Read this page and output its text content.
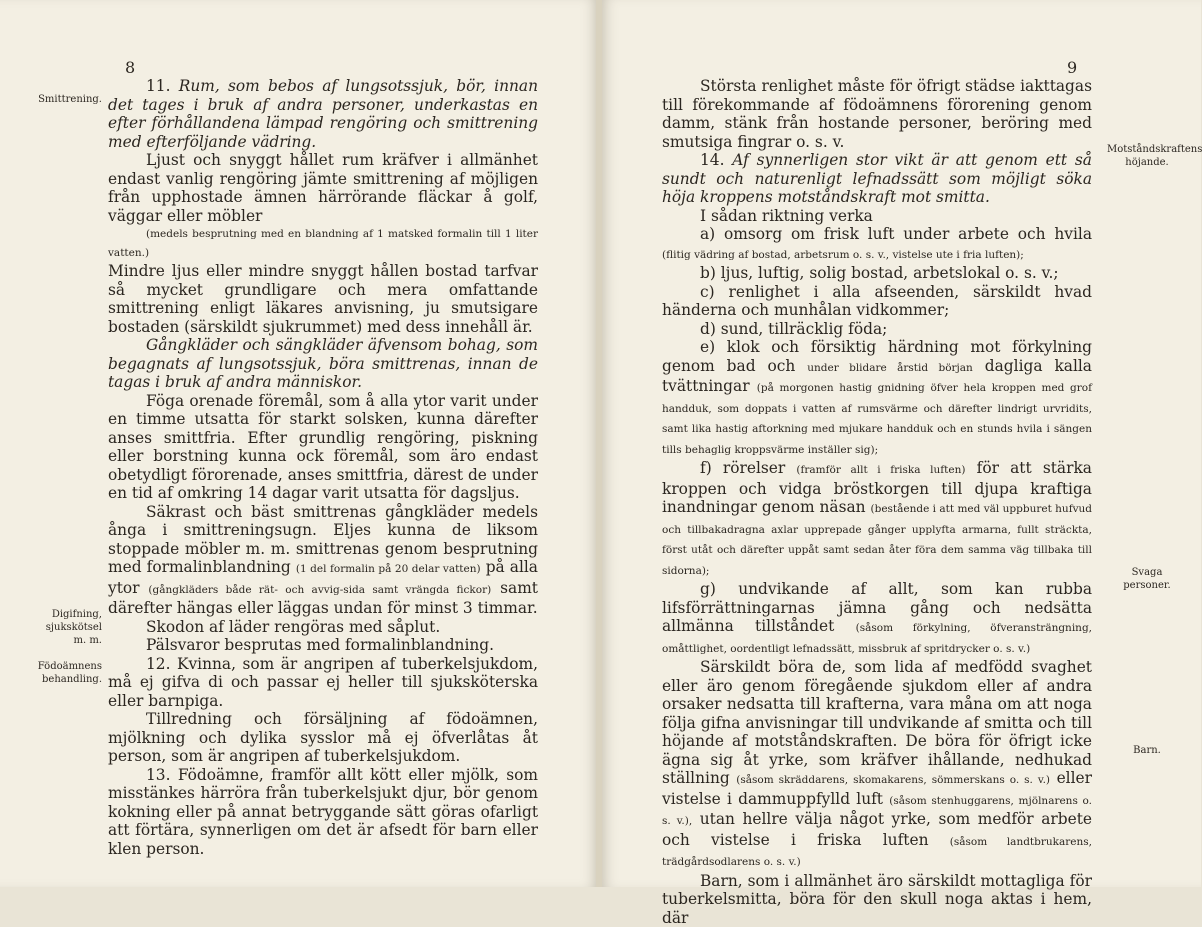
8
Smittrening.
Digifning, sjukskötsel m. m.
Födoämnens behandling.

11. Rum, som bebos af lungsotssjuk, bör, innan det tages i bruk af andra personer, underkastas en efter förhållandena lämpad rengöring och smittrening med efterföljande vädring.

Ljust och snyggt hållet rum kräfver i allmänhet endast vanlig rengöring jämte smittrening af möjligen från upphostade ämnen härrörande fläckar å golf, väggar eller möbler
(medels besprutning med en blandning af 1 matsked formalin till 1 liter vatten.)
Mindre ljus eller mindre snyggt hållen bostad tarfvar så mycket grundligare och mera omfattande smittrening enligt läkares anvisning, ju smutsigare bostaden (särskildt sjukrummet) med dess innehåll är.

Gångkläder och sängkläder äfvensom bohag, som begagnats af lungsotssjuk, böra smittrenas, innan de tagas i bruk af andra människor.

Föga orenade föremål, som å alla ytor varit under en timme utsatta för starkt solsken, kunna därefter anses smittfria. Efter grundlig rengöring, piskning eller borstning kunna ock föremål, som äro endast obetydligt förorenade, anses smittfria, därest de under en tid af omkring 14 dagar varit utsatta för dagsljus.

Säkrast och bäst smittrenas gångkläder medels ånga i smittreningsugn. Eljes kunna de liksom stoppade möbler m. m. smittrenas genom besprutning med formalinblandning (1 del formalin på 20 delar vatten) på alla ytor (gångkläders både rät- och avvig-sida samt vrängda fickor) samt därefter hängas eller läggas undan för minst 3 timmar.

Skodon af läder rengöras med såplut.

Pälsvaror besprutas med formalinblandning.

12. Kvinna, som är angripen af tuberkelsjukdom, må ej gifva di och passar ej heller till sjuksköterska eller barnpiga.

Tillredning och försäljning af födoämnen, mjölkning och dylika sysslor må ej öfverlåtas åt person, som är angripen af tuberkelsjukdom.

13. Födoämne, framför allt kött eller mjölk, som misstänkes härröra från tuberkelsjukt djur, bör genom kokning eller på annat betryggande sätt göras ofarligt att förtära, synnerligen om det är afsedt för barn eller klen person.

9
Motståndskraftens höjande.
Svaga personer.
Barn.

Största renlighet måste för öfrigt städse iakttagas till förekommande af födoämnens förorening genom damm, stänk från hostande personer, beröring med smutsiga fingrar o. s. v.

14. Af synnerligen stor vikt är att genom ett så sundt och naturenligt lefnadssätt som möjligt söka höja kroppens motståndskraft mot smitta.

I sådan riktning verka

a) omsorg om frisk luft under arbete och hvila (flitig vädring af bostad, arbetsrum o. s. v., vistelse ute i fria luften);

b) ljus, luftig, solig bostad, arbetslokal o. s. v.;

c) renlighet i alla afseenden, särskildt hvad händerna och munhålan vidkommer;

d) sund, tillräcklig föda;

e) klok och försiktig härdning mot förkylning genom bad och under blidare årstid början dagliga kalla tvättningar (på morgonen hastig gnidning öfver hela kroppen med grof handduk, som doppats i vatten af rumsvärme och därefter lindrigt urvridits, samt lika hastig aftorkning med mjukare handduk och en stunds hvila i sängen tills behaglig kroppsvärme inställer sig);

f) rörelser (framför allt i friska luften) för att stärka kroppen och vidga bröstkorgen till djupa kraftiga inandningar genom näsan (bestående i att med väl uppburet hufvud och tillbakadragna axlar upprepade gånger upplyfta armarna, fullt sträckta, först utåt och därefter uppåt samt sedan åter föra dem samma väg tillbaka till sidorna);

g) undvikande af allt, som kan rubba lifsförrättningarnas jämna gång och nedsätta allmänna tillståndet (såsom förkylning, öfveransträngning, omåttlighet, oordentligt lefnadssätt, missbruk af spritdrycker o. s. v.)

Särskildt böra de, som lida af medfödd svaghet eller äro genom föregående sjukdom eller af andra orsaker nedsatta till krafterna, vara måna om att noga följa gifna anvisningar till undvikande af smitta och till höjande af motståndskraften. De böra för öfrigt icke ägna sig åt yrke, som kräfver ihållande, nedhukad ställning (såsom skräddarens, skomakarens, sömmerskans o. s. v.) eller vistelse i dammuppfylld luft (såsom stenhuggarens, mjölnarens o. s. v.), utan hellre välja något yrke, som medför arbete och vistelse i friska luften (såsom landtbrukarens, trädgårdsodlarens o. s. v.)

Barn, som i allmänhet äro särskildt mottagliga för tuberkelsmitta, böra för den skull noga aktas i hem, där
